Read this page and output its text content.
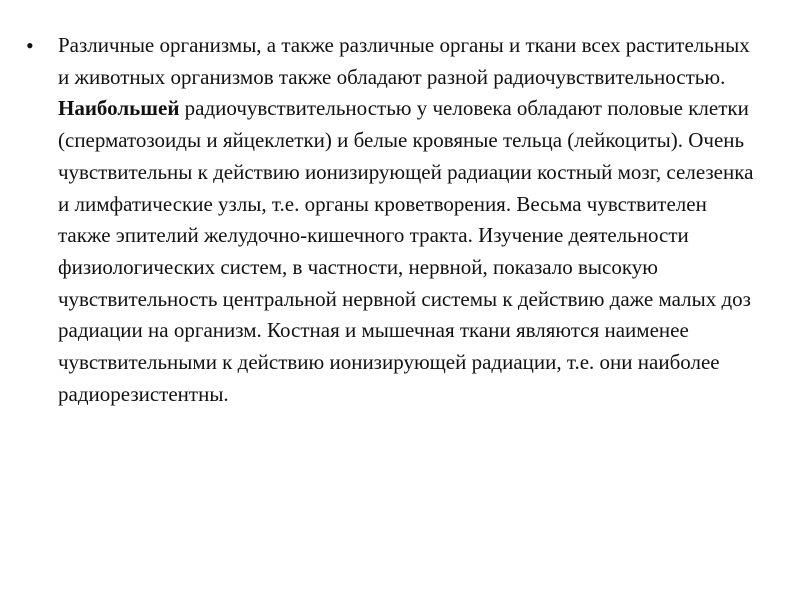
•	Различные организмы, а также различные органы и ткани всех растительных и животных организмов также обладают разной радиочувствительностью. Наибольшей радиочувствительностью у человека обладают половые клетки (сперматозоиды и яйцеклетки) и белые кровяные тельца (лейкоциты). Очень чувствительны к действию ионизирующей радиации костный мозг, селезенка и лимфатические узлы, т.е. органы кроветворения. Весьма чувствителен также эпителий желудочно-кишечного тракта. Изучение деятельности физиологических систем, в частности, нервной, показало высокую чувствительность центральной нервной системы к действию даже малых доз радиации на организм. Костная и мышечная ткани являются наименее чувствительными к действию ионизирующей радиации, т.е. они наиболее радиорезистентны.
